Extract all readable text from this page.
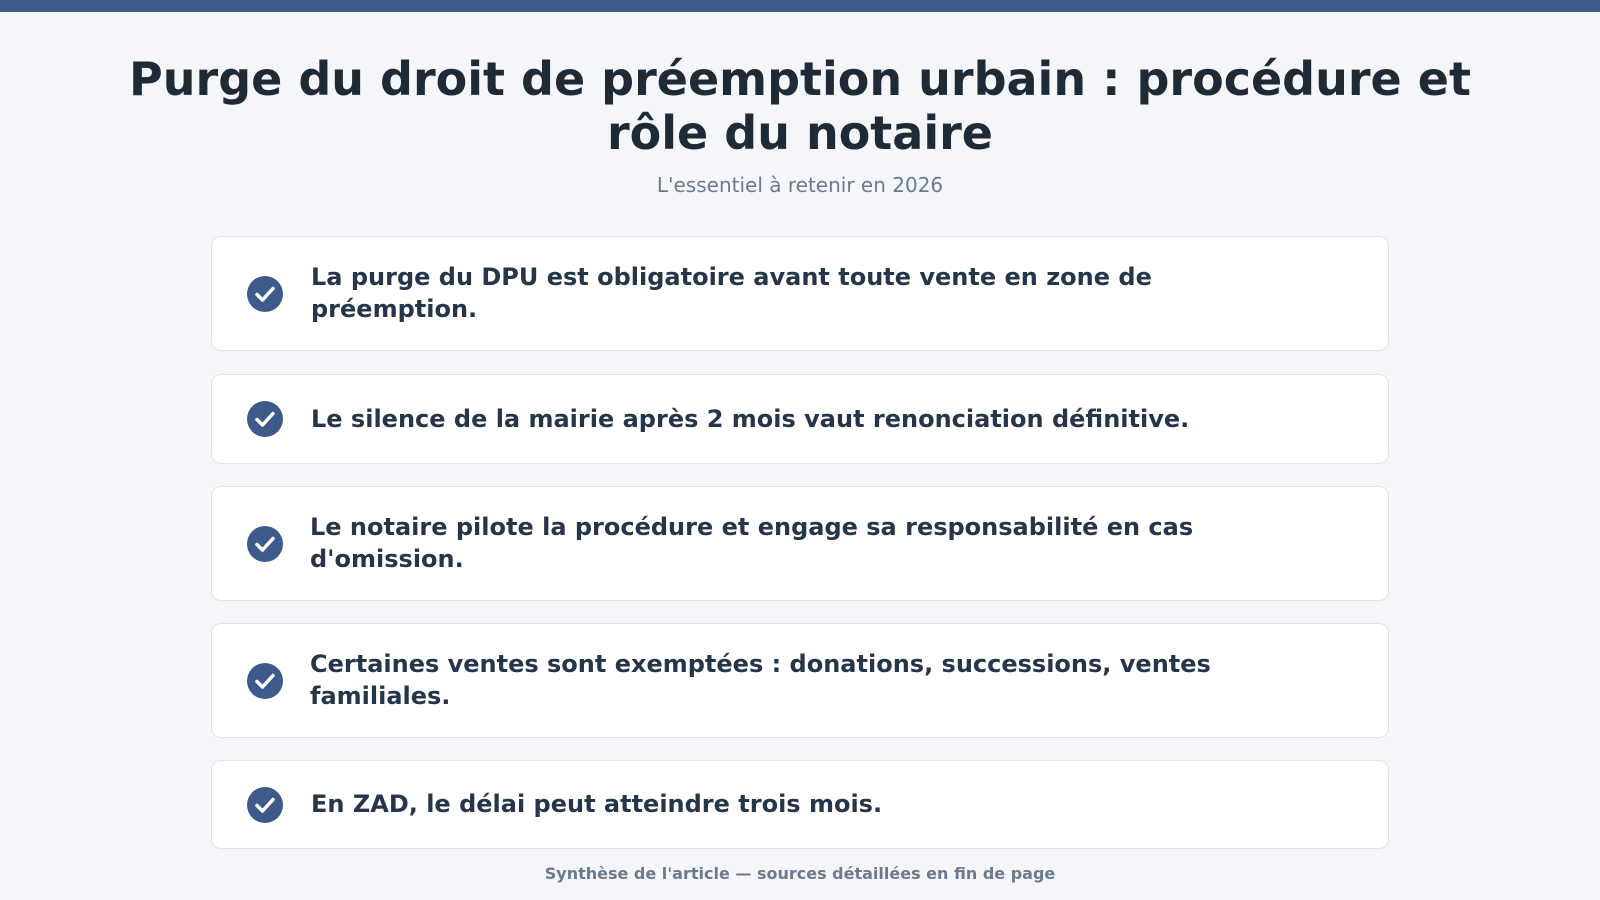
Purge du droit de préemption urbain : procédure et rôle du notaire
L'essentiel à retenir en 2026
La purge du DPU est obligatoire avant toute vente en zone de préemption.
Le silence de la mairie après 2 mois vaut renonciation définitive.
Le notaire pilote la procédure et engage sa responsabilité en cas d'omission.
Certaines ventes sont exemptées : donations, successions, ventes familiales.
En ZAD, le délai peut atteindre trois mois.
Synthèse de l'article — sources détaillées en fin de page
